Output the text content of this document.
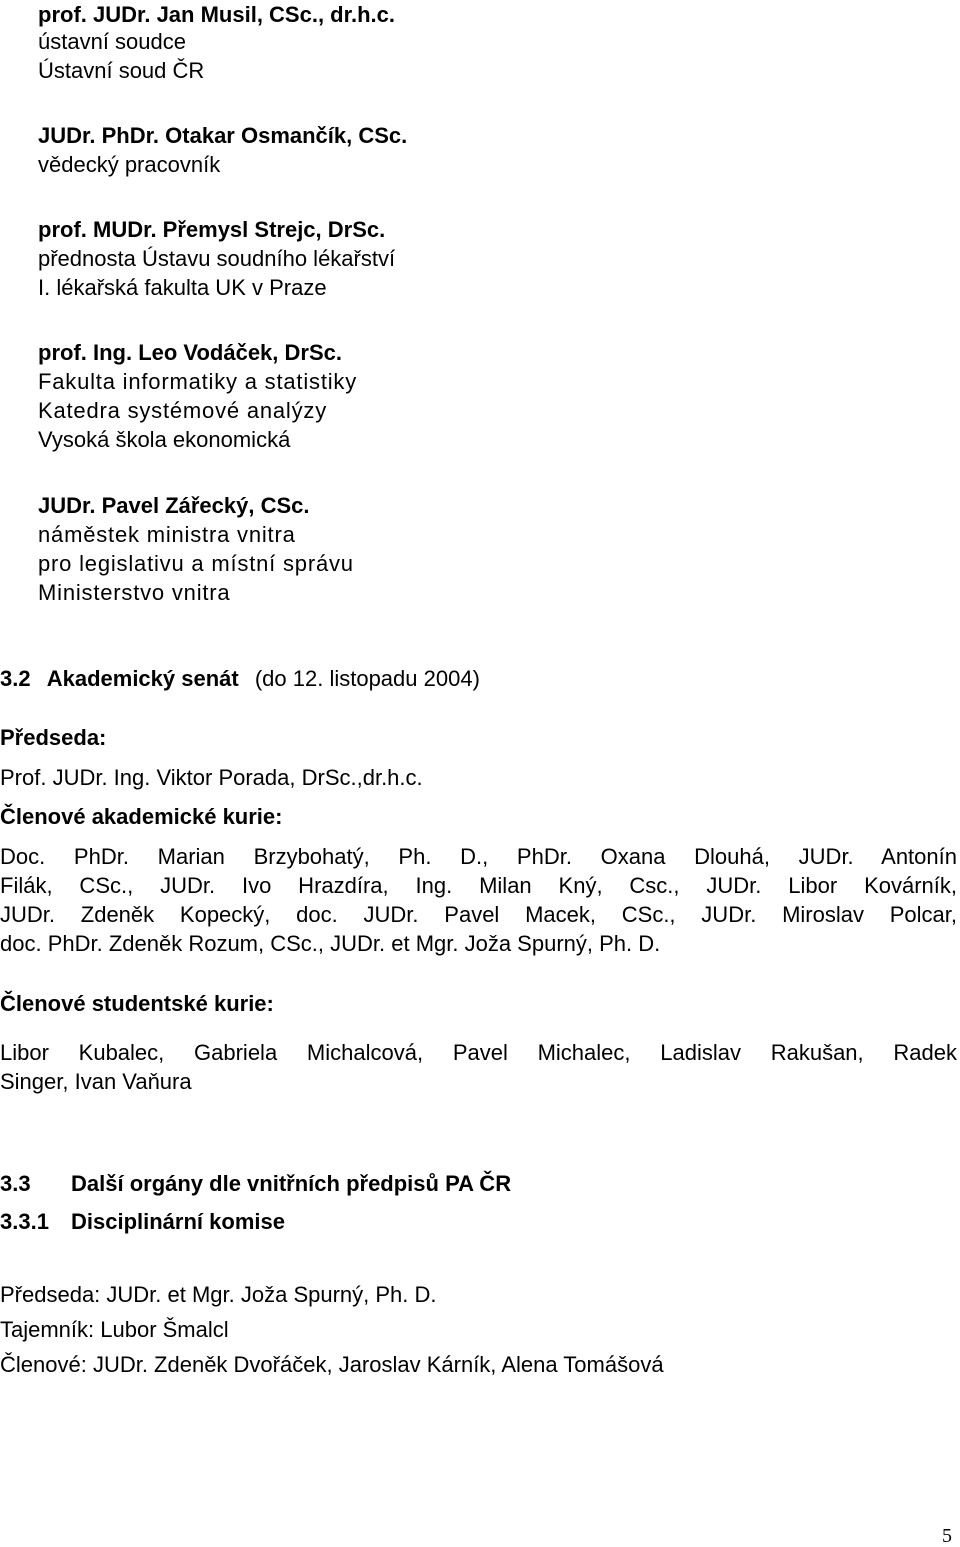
prof. JUDr. Jan Musil, CSc., dr.h.c.
ústavní soudce
Ústavní soud ČR
JUDr. PhDr. Otakar Osmančík, CSc.
vědecký pracovník
prof. MUDr. Přemysl Strejc, DrSc.
přednosta Ústavu soudního lékařství
I. lékařská fakulta UK v Praze
prof. Ing. Leo Vodáček, DrSc.
Fakulta informatiky a statistiky
Katedra systémové analýzy
Vysoká škola ekonomická
JUDr. Pavel Zářecký, CSc.
náměstek ministra vnitra
pro legislativu a místní správu
Ministerstvo vnitra
3.2 Akademický senát (do 12. listopadu 2004)
Předseda:
Prof. JUDr. Ing. Viktor Porada, DrSc.,dr.h.c.
Členové akademické kurie:
Doc. PhDr. Marian Brzybohatý, Ph. D., PhDr. Oxana Dlouhá, JUDr. Antonín
Filák, CSc., JUDr. Ivo Hrazdíra, Ing. Milan Kný, Csc., JUDr. Libor Kovárník,
JUDr. Zdeněk Kopecký, doc. JUDr. Pavel Macek, CSc., JUDr. Miroslav Polcar,
doc. PhDr. Zdeněk Rozum, CSc., JUDr. et Mgr. Jožа Spurný, Ph. D.
Členové studentské kurie:
Libor Kubalec, Gabriela Michalcová, Pavel Michalec, Ladislav Rakušan, Radek
Singer, Ivan Vaňura
3.3 Další orgány dle vnitřních předpisů PA ČR
3.3.1 Disciplinární komise
Předseda: JUDr. et Mgr. Jožа Spurný, Ph. D.
Tajemník: Lubor Šmalcl
Členové: JUDr. Zdeněk Dvořáček, Jaroslav Kárník, Alena Tomášová
5
